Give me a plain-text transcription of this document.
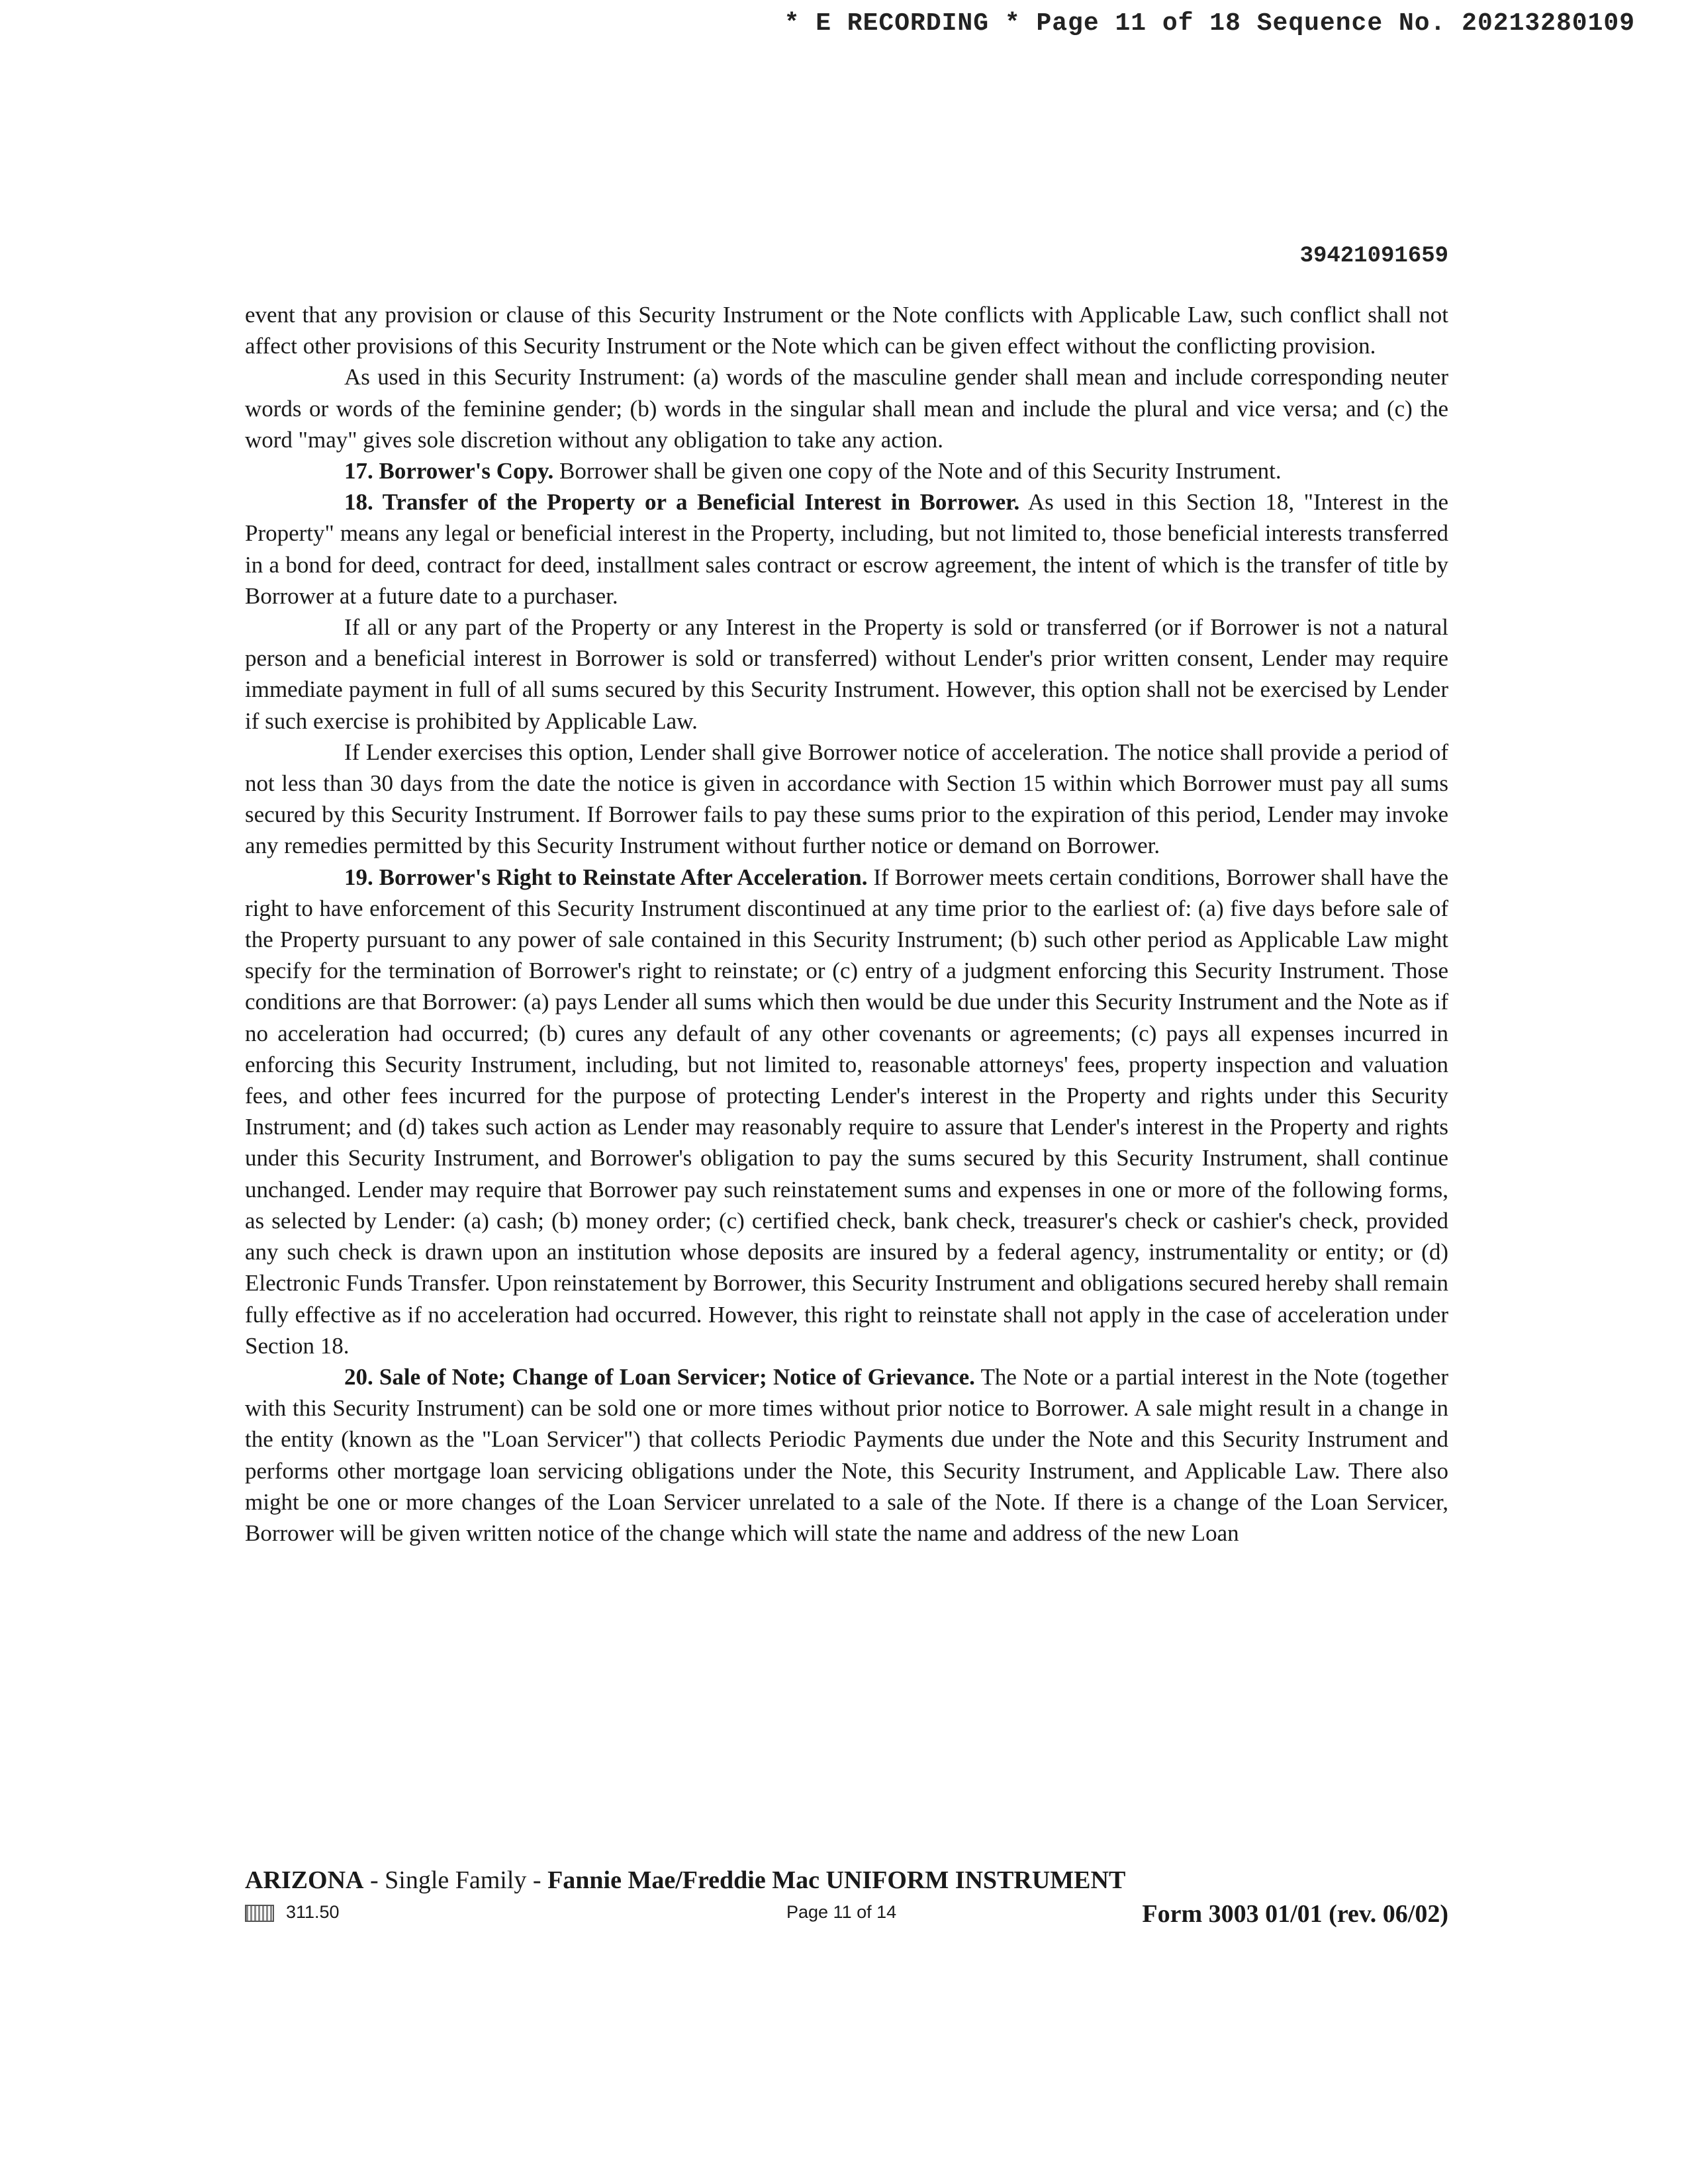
* E RECORDING * Page 11 of 18 Sequence No. 20213280109
39421091659

event that any provision or clause of this Security Instrument or the Note conflicts with Applicable Law, such conflict shall not affect other provisions of this Security Instrument or the Note which can be given effect without the conflicting provision.

As used in this Security Instrument: (a) words of the masculine gender shall mean and include corresponding neuter words or words of the feminine gender; (b) words in the singular shall mean and include the plural and vice versa; and (c) the word "may" gives sole discretion without any obligation to take any action.

17. Borrower's Copy. Borrower shall be given one copy of the Note and of this Security Instrument.

18. Transfer of the Property or a Beneficial Interest in Borrower. As used in this Section 18, "Interest in the Property" means any legal or beneficial interest in the Property, including, but not limited to, those beneficial interests transferred in a bond for deed, contract for deed, installment sales contract or escrow agreement, the intent of which is the transfer of title by Borrower at a future date to a purchaser.

If all or any part of the Property or any Interest in the Property is sold or transferred (or if Borrower is not a natural person and a beneficial interest in Borrower is sold or transferred) without Lender's prior written consent, Lender may require immediate payment in full of all sums secured by this Security Instrument. However, this option shall not be exercised by Lender if such exercise is prohibited by Applicable Law.

If Lender exercises this option, Lender shall give Borrower notice of acceleration. The notice shall provide a period of not less than 30 days from the date the notice is given in accordance with Section 15 within which Borrower must pay all sums secured by this Security Instrument. If Borrower fails to pay these sums prior to the expiration of this period, Lender may invoke any remedies permitted by this Security Instrument without further notice or demand on Borrower.

19. Borrower's Right to Reinstate After Acceleration. If Borrower meets certain conditions, Borrower shall have the right to have enforcement of this Security Instrument discontinued at any time prior to the earliest of: (a) five days before sale of the Property pursuant to any power of sale contained in this Security Instrument; (b) such other period as Applicable Law might specify for the termination of Borrower's right to reinstate; or (c) entry of a judgment enforcing this Security Instrument. Those conditions are that Borrower: (a) pays Lender all sums which then would be due under this Security Instrument and the Note as if no acceleration had occurred; (b) cures any default of any other covenants or agreements; (c) pays all expenses incurred in enforcing this Security Instrument, including, but not limited to, reasonable attorneys' fees, property inspection and valuation fees, and other fees incurred for the purpose of protecting Lender's interest in the Property and rights under this Security Instrument; and (d) takes such action as Lender may reasonably require to assure that Lender's interest in the Property and rights under this Security Instrument, and Borrower's obligation to pay the sums secured by this Security Instrument, shall continue unchanged. Lender may require that Borrower pay such reinstatement sums and expenses in one or more of the following forms, as selected by Lender: (a) cash; (b) money order; (c) certified check, bank check, treasurer's check or cashier's check, provided any such check is drawn upon an institution whose deposits are insured by a federal agency, instrumentality or entity; or (d) Electronic Funds Transfer. Upon reinstatement by Borrower, this Security Instrument and obligations secured hereby shall remain fully effective as if no acceleration had occurred. However, this right to reinstate shall not apply in the case of acceleration under Section 18.

20. Sale of Note; Change of Loan Servicer; Notice of Grievance. The Note or a partial interest in the Note (together with this Security Instrument) can be sold one or more times without prior notice to Borrower. A sale might result in a change in the entity (known as the "Loan Servicer") that collects Periodic Payments due under the Note and this Security Instrument and performs other mortgage loan servicing obligations under the Note, this Security Instrument, and Applicable Law. There also might be one or more changes of the Loan Servicer unrelated to a sale of the Note. If there is a change of the Loan Servicer, Borrower will be given written notice of the change which will state the name and address of the new Loan

ARIZONA - Single Family - Fannie Mae/Freddie Mac UNIFORM INSTRUMENT
311.50	Page 11 of 14	Form 3003 01/01 (rev. 06/02)
